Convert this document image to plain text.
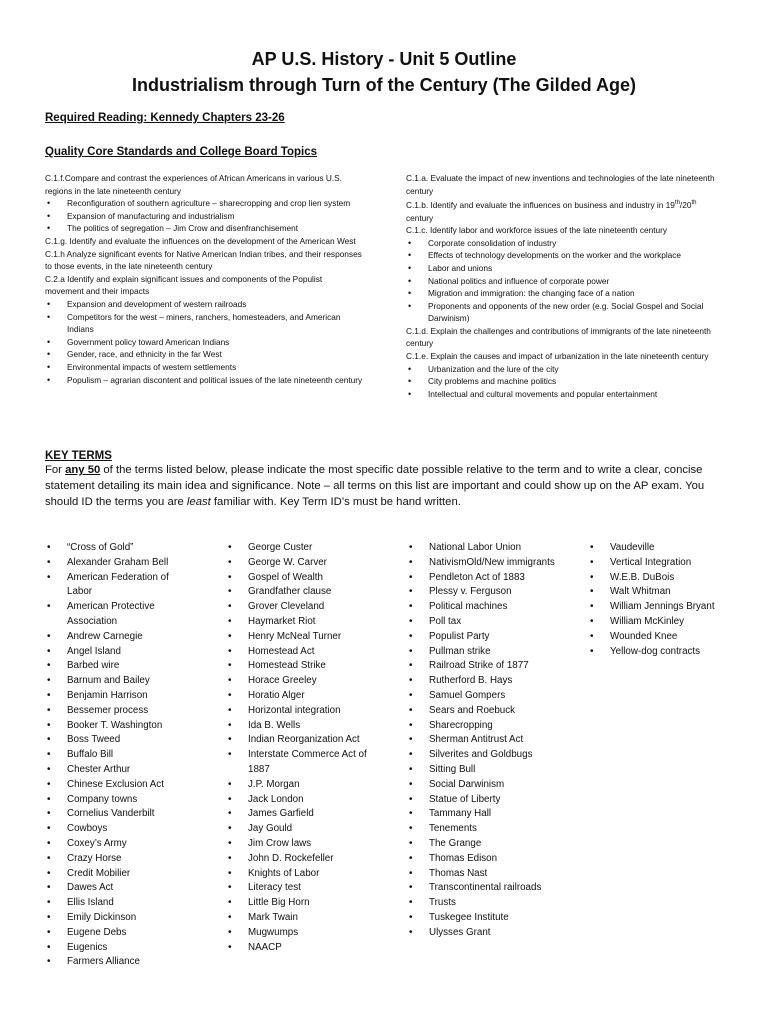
AP U.S. History - Unit 5 Outline
Industrialism through Turn of the Century (The Gilded Age)
Required Reading: Kennedy Chapters 23-26
Quality Core Standards and College Board Topics
C.1.f.Compare and contrast the experiences of African Americans in various U.S. regions in the late nineteenth century
• Reconfiguration of southern agriculture – sharecropping and crop lien system
• Expansion of manufacturing and industrialism
• The politics of segregation – Jim Crow and disenfranchisement
C.1.g. Identify and evaluate the influences on the development of the American West
C.1.h Analyze significant events for Native American Indian tribes, and their responses to those events, in the late nineteenth century
C.2.a Identify and explain significant issues and components of the Populist movement and their impacts
• Expansion and development of western railroads
• Competitors for the west – miners, ranchers, homesteaders, and American Indians
• Government policy toward American Indians
• Gender, race, and ethnicity in the far West
• Environmental impacts of western settlements
• Populism – agrarian discontent and political issues of the late nineteenth century
C.1.a. Evaluate the impact of new inventions and technologies of the late nineteenth century
C.1.b. Identify and evaluate the influences on business and industry in 19th/20th century
C.1.c. Identify labor and workforce issues of the late nineteenth century
• Corporate consolidation of industry
• Effects of technology developments on the worker and the workplace
• Labor and unions
• National politics and influence of corporate power
• Migration and immigration: the changing face of a nation
• Proponents and opponents of the new order (e.g. Social Gospel and Social Darwinism)
C.1.d. Explain the challenges and contributions of immigrants of the late nineteenth century
C.1.e. Explain the causes and impact of urbanization in the late nineteenth century
• Urbanization and the lure of the city
• City problems and machine politics
• Intellectual and cultural movements and popular entertainment
KEY TERMS
For any 50 of the terms listed below, please indicate the most specific date possible relative to the term and to write a clear, concise statement detailing its main idea and significance. Note – all terms on this list are important and could show up on the AP exam. You should ID the terms you are least familiar with. Key Term ID’s must be hand written.
• “Cross of Gold”
• Alexander Graham Bell
• American Federation of Labor
• American Protective Association
• Andrew Carnegie
• Angel Island
• Barbed wire
• Barnum and Bailey
• Benjamin Harrison
• Bessemer process
• Booker T. Washington
• Boss Tweed
• Buffalo Bill
• Chester Arthur
• Chinese Exclusion Act
• Company towns
• Cornelius Vanderbilt
• Cowboys
• Coxey’s Army
• Crazy Horse
• Credit Mobilier
• Dawes Act
• Ellis Island
• Emily Dickinson
• Eugene Debs
• Eugenics
• Farmers Alliance
• George Custer
• George W. Carver
• Gospel of Wealth
• Grandfather clause
• Grover Cleveland
• Haymarket Riot
• Henry McNeal Turner
• Homestead Act
• Homestead Strike
• Horace Greeley
• Horatio Alger
• Horizontal integration
• Ida B. Wells
• Indian Reorganization Act
• Interstate Commerce Act of 1887
• J.P. Morgan
• Jack London
• James Garfield
• Jay Gould
• Jim Crow laws
• John D. Rockefeller
• Knights of Labor
• Literacy test
• Little Big Horn
• Mark Twain
• Mugwumps
• NAACP
• National Labor Union
• NativismOld/New immigrants
• Pendleton Act of 1883
• Plessy v. Ferguson
• Political machines
• Poll tax
• Populist Party
• Pullman strike
• Railroad Strike of 1877
• Rutherford B. Hays
• Samuel Gompers
• Sears and Roebuck
• Sharecropping
• Sherman Antitrust Act
• Silverites and Goldbugs
• Sitting Bull
• Social Darwinism
• Statue of Liberty
• Tammany Hall
• Tenements
• The Grange
• Thomas Edison
• Thomas Nast
• Transcontinental railroads
• Trusts
• Tuskegee Institute
• Ulysses Grant
• Vaudeville
• Vertical Integration
• W.E.B. DuBois
• Walt Whitman
• William Jennings Bryant
• William McKinley
• Wounded Knee
• Yellow-dog contracts
